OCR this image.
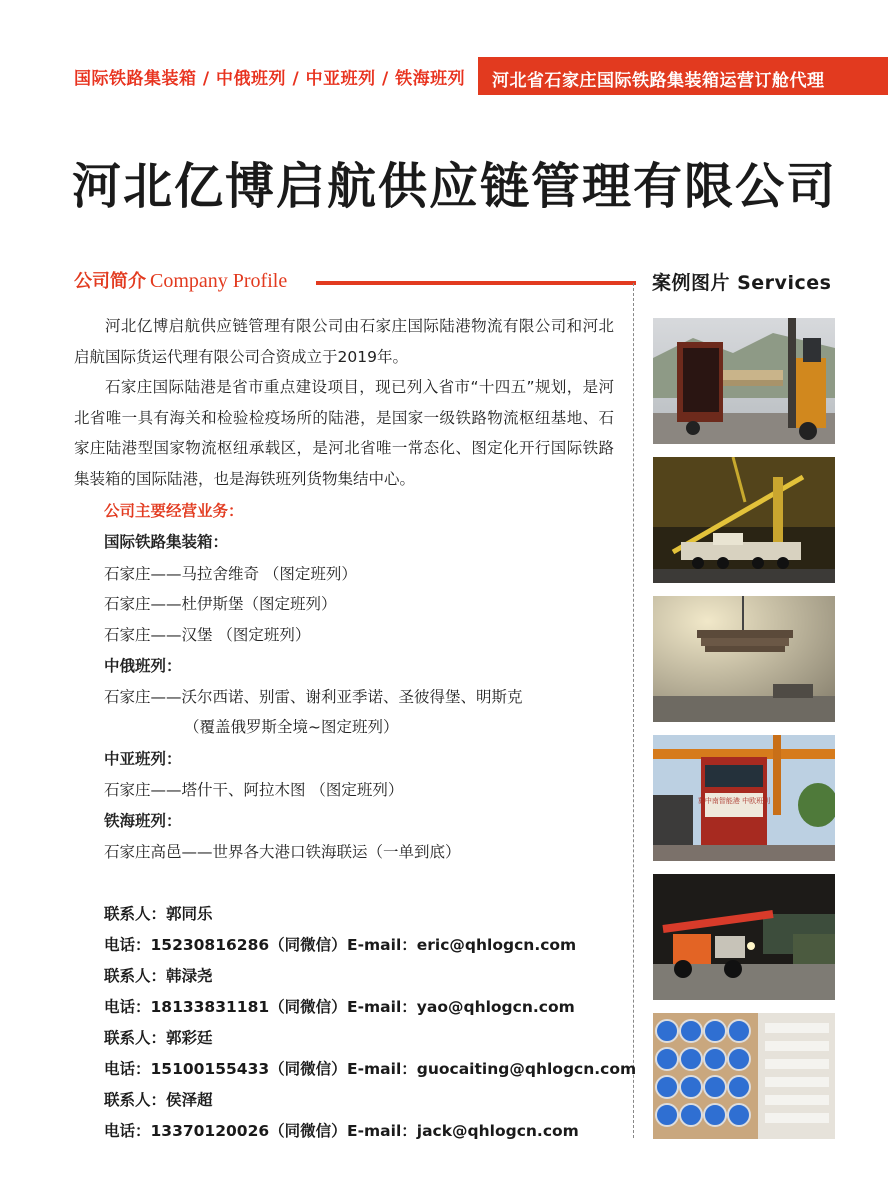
国际铁路集装箱 / 中俄班列 / 中亚班列 / 铁海班列 河北省石家庄国际铁路集装箱运营订舱代理
河北亿博启航供应链管理有限公司
公司简介 Company Profile	案例图片 Services

河北亿博启航供应链管理有限公司由石家庄国际陆港物流有限公司和河北启航国际货运代理有限公司合资成立于2019年。

石家庄国际陆港是省市重点建设项目，现已列入省市“十四五”规划，是河北省唯一具有海关和检验检疫场所的陆港，是国家一级铁路物流枢纽基地、石家庄陆港型国家物流枢纽承载区，是河北省唯一常态化、图定化开行国际铁路集装箱的国际陆港，也是海铁班列货物集结中心。

公司主要经营业务：
国际铁路集装箱：
石家庄——马拉舍维奇 （图定班列）
石家庄——杜伊斯堡（图定班列）
石家庄——汉堡 （图定班列）
中俄班列：
石家庄——沃尔西诺、别雷、谢利亚季诺、圣彼得堡、明斯克
（覆盖俄罗斯全境~图定班列）
中亚班列：
石家庄——塔什干、阿拉木图 （图定班列）
铁海班列：
石家庄高邑——世界各大港口铁海联运（一单到底）
联系人：郭同乐
电话：15230816286（同微信） E-mail：eric@qhlogcn.com
联系人：韩渌尧
电话：18133831181（同微信） E-mail：yao@qhlogcn.com
联系人：郭彩廷
电话：15100155433（同微信） E-mail：guocaiting@qhlogcn.com
联系人：侯泽超
电话：13370120026（同微信） E-mail：jack@qhlogcn.com
冀中南智能港 中欧班列
